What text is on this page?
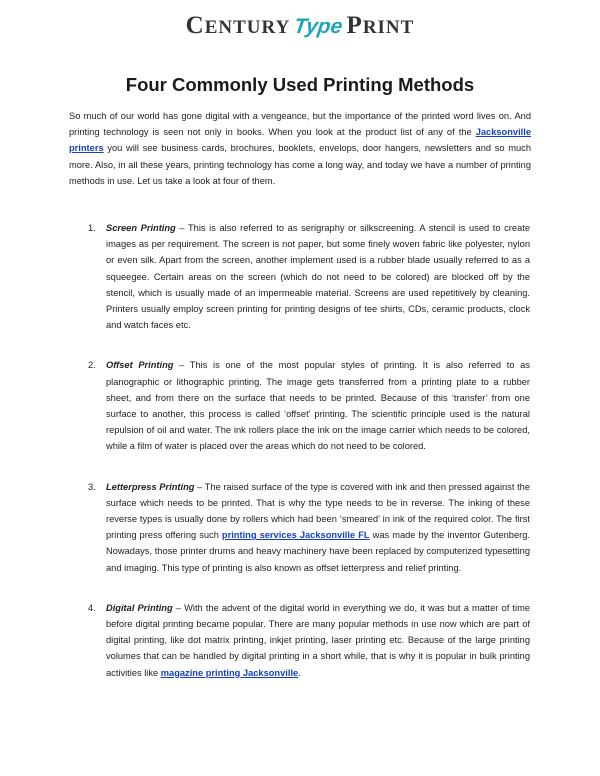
CENTURY TypePRINT
Four Commonly Used Printing Methods

So much of our world has gone digital with a vengeance, but the importance of the printed word lives on. And printing technology is seen not only in books. When you look at the product list of any of the Jacksonville printers you will see business cards, brochures, booklets, envelops, door hangers, newsletters and so much more. Also, in all these years, printing technology has come a long way, and today we have a number of printing methods in use. Let us take a look at four of them.

1. Screen Printing – This is also referred to as serigraphy or silkscreening. A stencil is used to create images as per requirement. The screen is not paper, but some finely woven fabric like polyester, nylon or even silk. Apart from the screen, another implement used is a rubber blade usually referred to as a squeegee. Certain areas on the screen (which do not need to be colored) are blocked off by the stencil, which is usually made of an impermeable material. Screens are used repetitively by cleaning. Printers usually employ screen printing for printing designs of tee shirts, CDs, ceramic products, clock and watch faces etc.
2. Offset Printing – This is one of the most popular styles of printing. It is also referred to as planographic or lithographic printing. The image gets transferred from a printing plate to a rubber sheet, and from there on the surface that needs to be printed. Because of this ‘transfer’ from one surface to another, this process is called ‘offset’ printing. The scientific principle used is the natural repulsion of oil and water. The ink rollers place the ink on the image carrier which needs to be colored, while a film of water is placed over the areas which do not need to be colored.
3. Letterpress Printing – The raised surface of the type is covered with ink and then pressed against the surface which needs to be printed. That is why the type needs to be in reverse. The inking of these reverse types is usually done by rollers which had been ‘smeared’ in ink of the required color. The first printing press offering such printing services Jacksonville FL was made by the inventor Gutenberg. Nowadays, those printer drums and heavy machinery have been replaced by computerized typesetting and imaging. This type of printing is also known as offset letterpress and relief printing.
4. Digital Printing – With the advent of the digital world in everything we do, it was but a matter of time before digital printing became popular. There are many popular methods in use now which are part of digital printing, like dot matrix printing, inkjet printing, laser printing etc. Because of the large printing volumes that can be handled by digital printing in a short while, that is why it is popular in bulk printing activities like magazine printing Jacksonville.
